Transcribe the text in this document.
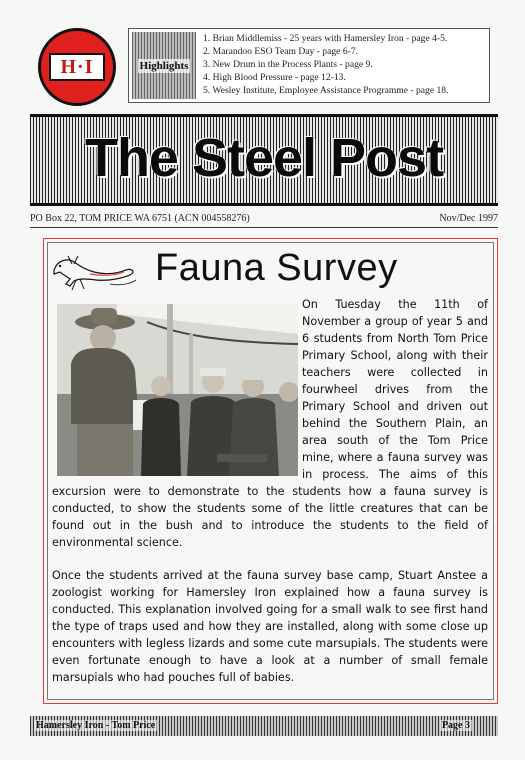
H·I	Highlights
1. Brian Middlemiss - 25 years with Hamersley Iron - page 4-5.
2. Marandoo ESO Team Day - page 6-7.
3. New Drum in the Process Plants - page 9.
4. High Blood Pressure - page 12-13.
5. Wesley Institute, Employee Assistance Programme - page 18.
The Steel Post
PO Box 22, TOM PRICE WA 6751 (ACN 004558276)	Nov/Dec 1997
Fauna Survey

On Tuesday the 11th of November a group of year 5 and 6 students from North Tom Price Primary School, along with their teachers were collected in fourwheel drives from the Primary School and driven out behind the Southern Plain, an area south of the Tom Price mine, where a fauna survey was in process. The aims of this excursion were to demonstrate to the students how a fauna survey is conducted, to show the students some of the little creatures that can be found out in the bush and to introduce the students to the field of environmental science.

Once the students arrived at the fauna survey base camp, Stuart Anstee a zoologist working for Hamersley Iron explained how a fauna survey is conducted. This explanation involved going for a small walk to see first hand the type of traps used and how they are installed, along with some close up encounters with legless lizards and some cute marsupials. The students were even fortunate enough to have a look at a number of small female marsupials who had pouches full of babies.

Hamersley Iron - Tom Price	Page 3
